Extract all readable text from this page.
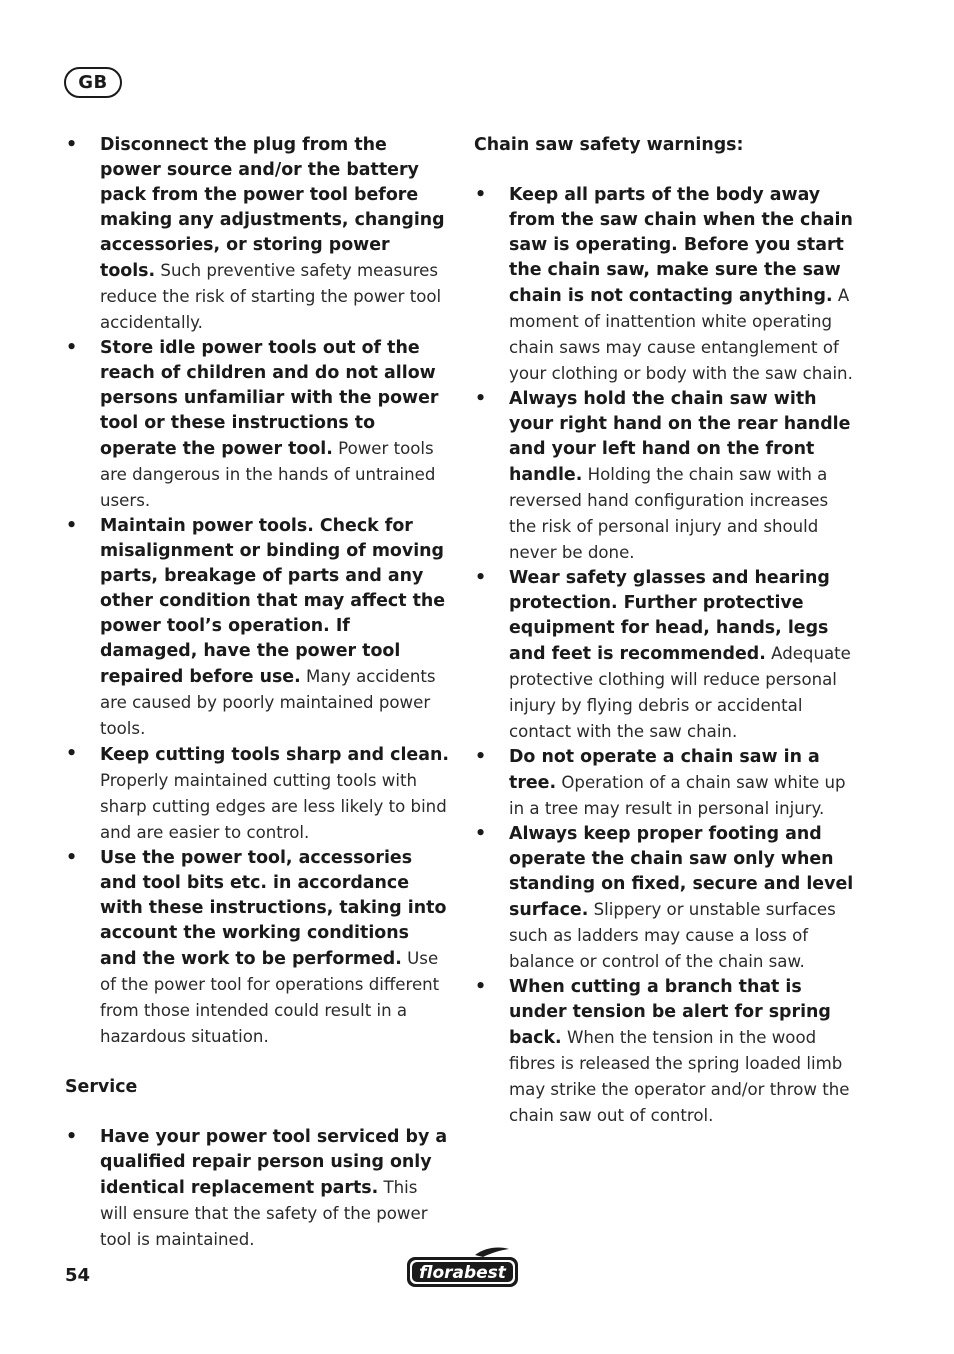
GB
• Disconnect the plug from the power source and/or the battery pack from the power tool before making any adjustments, changing accessories, or storing power tools. Such preventive safety measures reduce the risk of starting the power tool accidentally.
• Store idle power tools out of the reach of children and do not allow persons unfamiliar with the power tool or these instructions to operate the power tool. Power tools are dangerous in the hands of untrained users.
• Maintain power tools. Check for misalignment or binding of moving parts, breakage of parts and any other condition that may affect the power tool’s operation. If damaged, have the power tool repaired before use. Many accidents are caused by poorly maintained power tools.
• Keep cutting tools sharp and clean. Properly maintained cutting tools with sharp cutting edges are less likely to bind and are easier to control.
• Use the power tool, accessories and tool bits etc. in accordance with these instructions, taking into account the working conditions and the work to be performed. Use of the power tool for operations different from those intended could result in a hazardous situation.
Service
• Have your power tool serviced by a qualified repair person using only identical replacement parts. This will ensure that the safety of the power tool is maintained.
Chain saw safety warnings:
• Keep all parts of the body away from the saw chain when the chain saw is operating. Before you start the chain saw, make sure the saw chain is not contacting anything. A moment of inattention white operating chain saws may cause entanglement of your clothing or body with the saw chain.
• Always hold the chain saw with your right hand on the rear handle and your left hand on the front handle. Holding the chain saw with a reversed hand configuration increases the risk of personal injury and should never be done.
• Wear safety glasses and hearing protection. Further protective equipment for head, hands, legs and feet is recommended. Adequate protective clothing will reduce personal injury by flying debris or accidental contact with the saw chain.
• Do not operate a chain saw in a tree. Operation of a chain saw white up in a tree may result in personal injury.
• Always keep proper footing and operate the chain saw only when standing on fixed, secure and level surface. Slippery or unstable surfaces such as ladders may cause a loss of balance or control of the chain saw.
• When cutting a branch that is under tension be alert for spring back. When the tension in the wood fibres is released the spring loaded limb may strike the operator and/or throw the chain saw out of control.
54	florabest
